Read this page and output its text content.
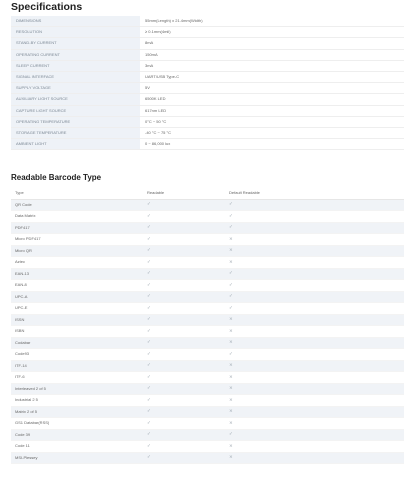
Specifications
DIMENSIONS	55mm(Length) x 21.4mm(Width)
RESOLUTION	≥ 0.1mm(4mil)
STAND-BY CURRENT	8mA
OPERATING CURRENT	150mA
SLEEP CURRENT	3mA
SIGNAL INTERFACE	UART/USB Type-C
SUPPLY VOLTAGE	5V
AUXILIARY LIGHT SOURCE	6500K LED
CAPTURE LIGHT SOURCE	617nm LED
OPERATING TEMPERATURE	0°C ~ 50 °C
STORAGE TEMPERATURE	-40 °C ~ 75 °C
AMBIENT LIGHT	0 ~ 86,000 lux
Readable Barcode Type
Type	Readable	Default Readable
QR Code	✓	✓
Data Matrix	✓	✓
PDF417	✓	✓
Micro PDF417	✓	×
Micro QR	✓	×
Aztec	✓	×
EAN-13	✓	✓
EAN-8	✓	✓
UPC-A	✓	✓
UPC-E	✓	✓
ISSN	✓	×
ISBN	✓	×
Codabar	✓	×
Code93	✓	✓
ITF-14	✓	×
ITF-6	✓	×
Interleaved 2 of 5	✓	×
Industrial 2 5	✓	×
Matrix 2 of 5	✓	×
GS1 Databar(RSS)	✓	×
Code 39	✓	✓
Code 11	✓	×
MSI-Plessey	✓	×
